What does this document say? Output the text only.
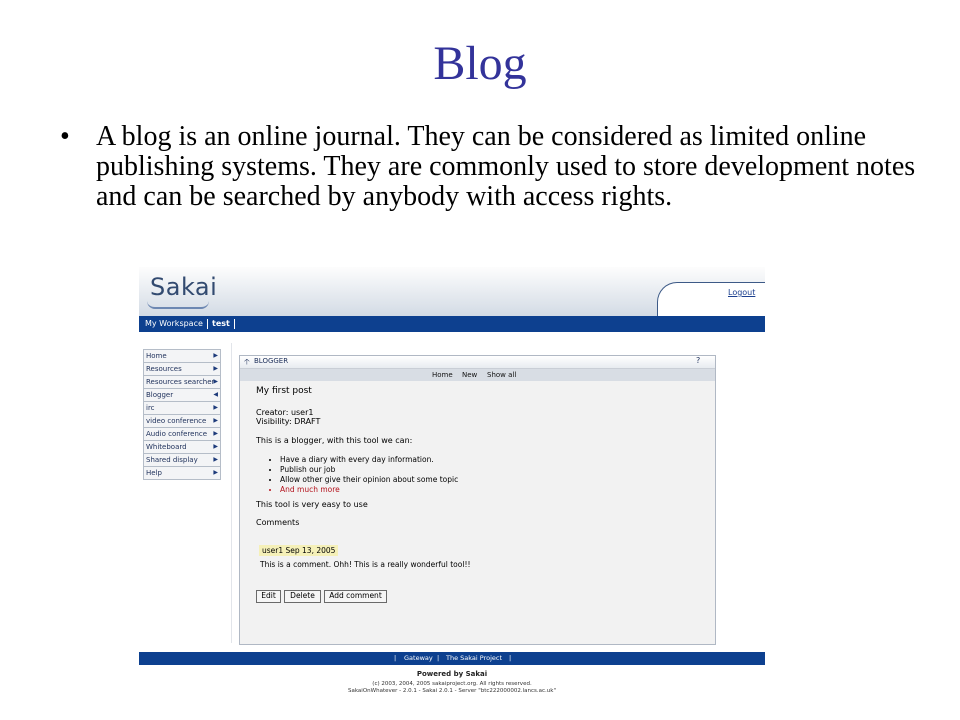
Blog
• A blog is an online journal. They can be considered as limited online publishing systems. They are commonly used to store development notes and can be searched by anybody with access rights.
Sakai	Logout
My Workspace	test
Home	▶
Resources	▶
Resources searcher
▶
Blogger	◀
irc	▶
video conference ▶
Audio conference ▶
Whiteboard	▶
Shared display	▶
Help	▶
🡡 BLOGGER	?
Home New Show all
My first post
Creator: user1
Visibility: DRAFT
This is a blogger, with this tool we can:
• Have a diary with every day information.
• Publish our job
• Allow other give their opinion about some topic
• And much more
This tool is very easy to use
Comments
user1 Sep 13, 2005
This is a comment. Ohh! This is a really wonderful tool!!
Edit	Delete	Add comment
| Gateway | The Sakai Project |
Powered by Sakai
(c) 2003, 2004, 2005 sakaiproject.org. All rights reserved.
SakaiOnWhatever - 2.0.1 - Sakai 2.0.1 - Server "btc222000002.lancs.ac.uk"
